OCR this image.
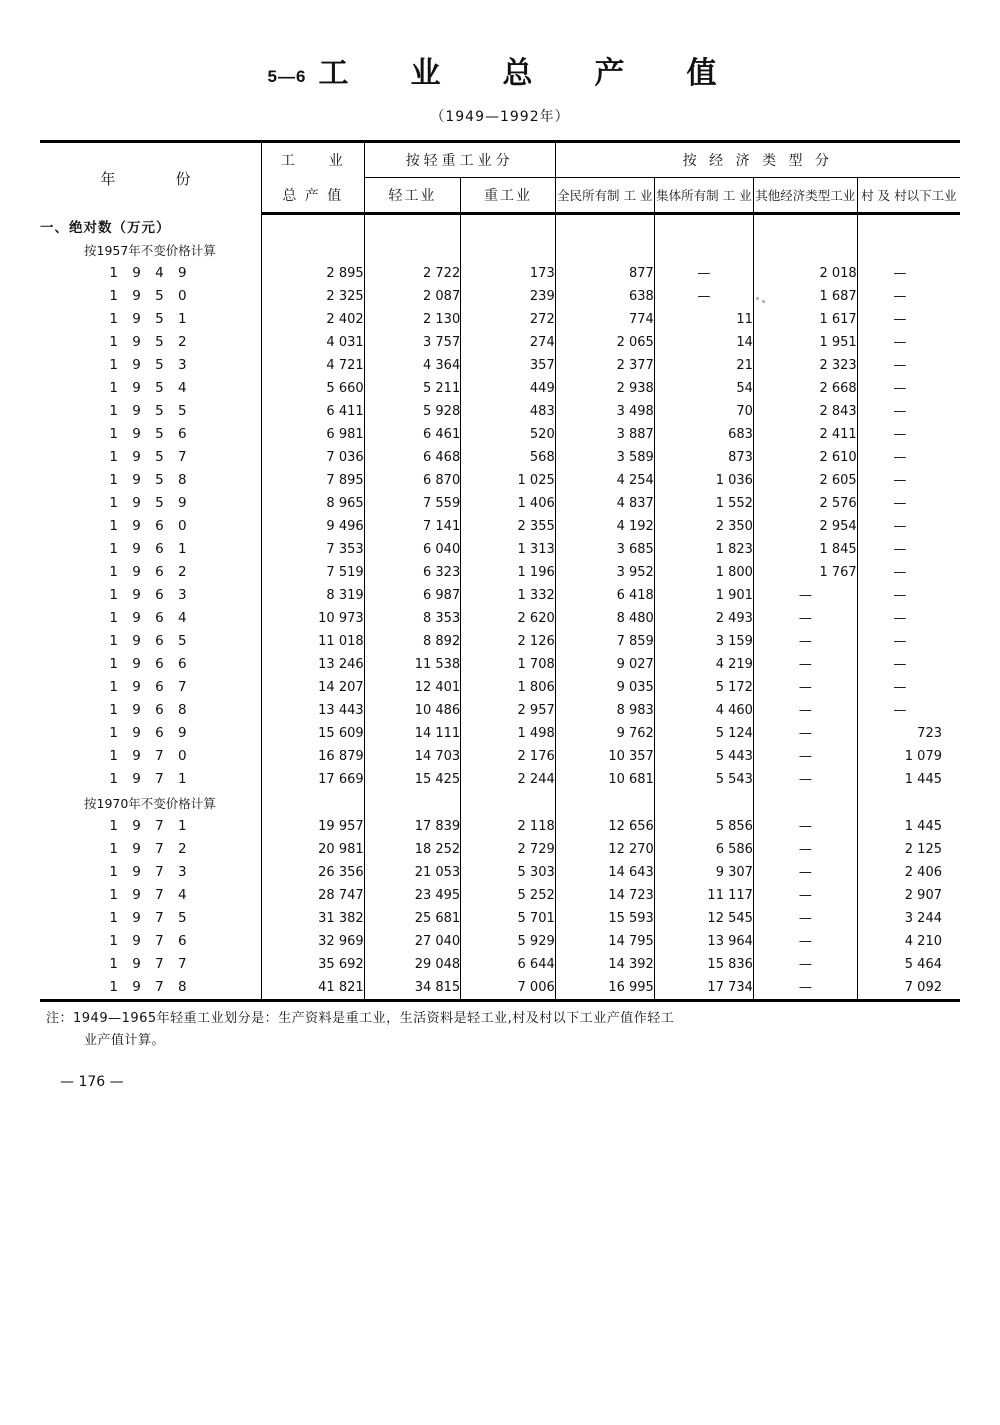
5—6 工　业　总　产　值
（1949—1992年）
年　　份	工　　业	按轻重工业分		按 经 济 类 型 分			
	总 产 值	轻工业	重工业	全民所有制 工 业	集体所有制 工 业	其他经济类型工业	村 及 村以下工业
一、绝对数（万元）							
按1957年不变价格计算							
1 9 4 9	2 895	2 722	173	877	—	2 018	—
1 9 5 0	2 325	2 087	239	638	—	1 687	—
1 9 5 1	2 402	2 130	272	774	11	1 617	—
1 9 5 2	4 031	3 757	274	2 065	14	1 951	—
1 9 5 3	4 721	4 364	357	2 377	21	2 323	—
1 9 5 4	5 660	5 211	449	2 938	54	2 668	—
1 9 5 5	6 411	5 928	483	3 498	70	2 843	—
1 9 5 6	6 981	6 461	520	3 887	683	2 411	—
1 9 5 7	7 036	6 468	568	3 589	873	2 610	—
1 9 5 8	7 895	6 870	1 025	4 254	1 036	2 605	—
1 9 5 9	8 965	7 559	1 406	4 837	1 552	2 576	—
1 9 6 0	9 496	7 141	2 355	4 192	2 350	2 954	—
1 9 6 1	7 353	6 040	1 313	3 685	1 823	1 845	—
1 9 6 2	7 519	6 323	1 196	3 952	1 800	1 767	—
1 9 6 3	8 319	6 987	1 332	6 418	1 901	—	—
1 9 6 4	10 973	8 353	2 620	8 480	2 493	—	—
1 9 6 5	11 018	8 892	2 126	7 859	3 159	—	—
1 9 6 6	13 246	11 538	1 708	9 027	4 219	—	—
1 9 6 7	14 207	12 401	1 806	9 035	5 172	—	—
1 9 6 8	13 443	10 486	2 957	8 983	4 460	—	—
1 9 6 9	15 609	14 111	1 498	9 762	5 124	—	723
1 9 7 0	16 879	14 703	2 176	10 357	5 443	—	1 079
1 9 7 1	17 669	15 425	2 244	10 681	5 543	—	1 445
按1970年不变价格计算							
1 9 7 1	19 957	17 839	2 118	12 656	5 856	—	1 445
1 9 7 2	20 981	18 252	2 729	12 270	6 586	—	2 125
1 9 7 3	26 356	21 053	5 303	14 643	9 307	—	2 406
1 9 7 4	28 747	23 495	5 252	14 723	11 117	—	2 907
1 9 7 5	31 382	25 681	5 701	15 593	12 545	—	3 244
1 9 7 6	32 969	27 040	5 929	14 795	13 964	—	4 210
1 9 7 7	35 692	29 048	6 644	14 392	15 836	—	5 464
1 9 7 8	41 821	34 815	7 006	16 995	17 734	—	7 092
注：1949—1965年轻重工业划分是：生产资料是重工业，生活资料是轻工业,村及村以下工业产值作轻工
业产值计算。
— 176 —
